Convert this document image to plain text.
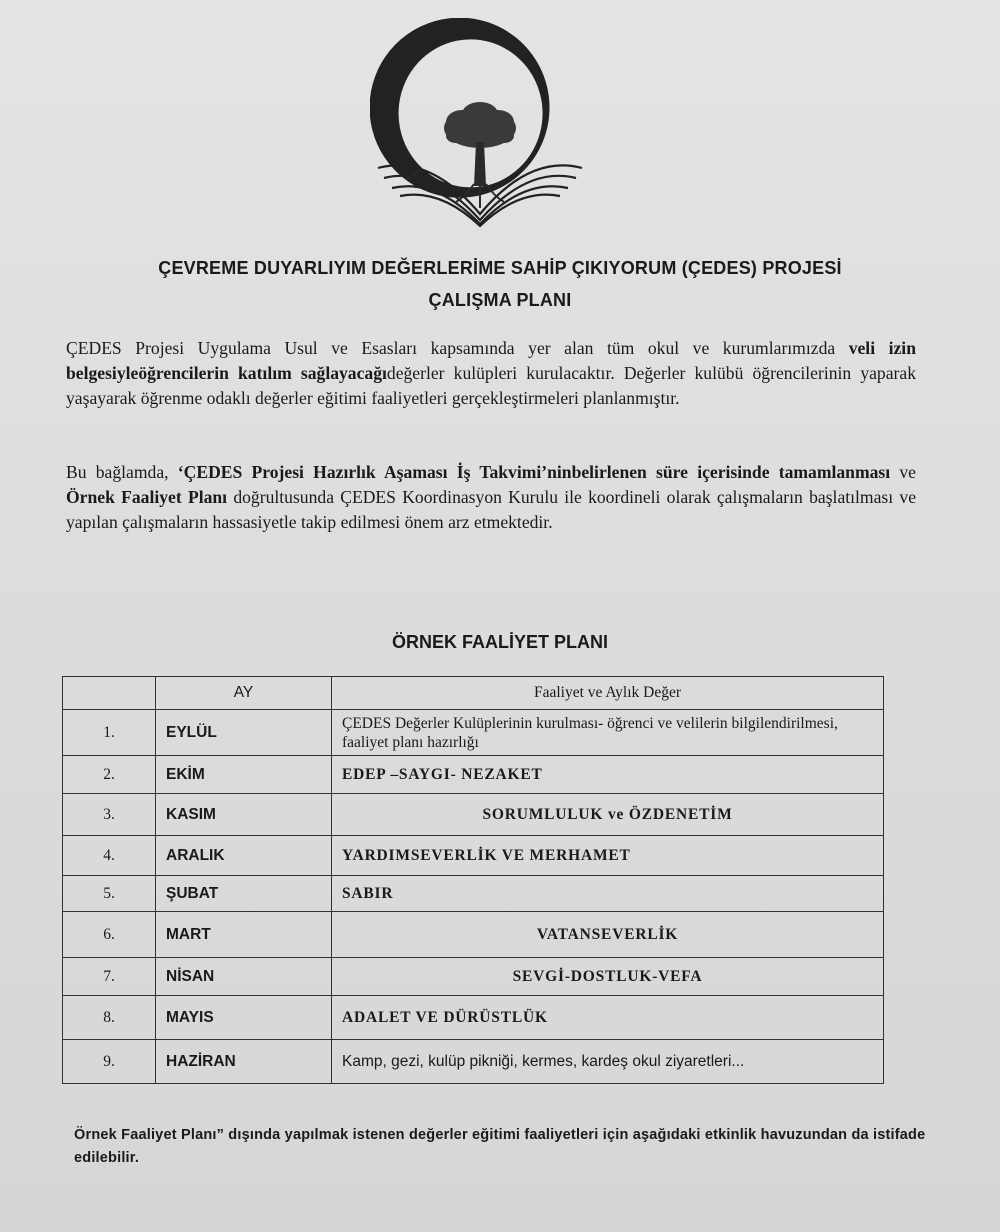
ÇEVREME DUYARLIYIM DEĞERLERİME SAHİP ÇIKIYORUM (ÇEDES) PROJESİ
ÇALIŞMA PLANI
ÇEDES Projesi Uygulama Usul ve Esasları kapsamında yer alan tüm okul ve kurumlarımızda veli izin belgesiyleöğrencilerin katılım sağlayacağıdeğerler kulüpleri kurulacaktır. Değerler kulübü öğrencilerinin yaparak yaşayarak öğrenme odaklı değerler eğitimi faaliyetleri gerçekleştirmeleri planlanmıştır.
Bu bağlamda, ‘ÇEDES Projesi Hazırlık Aşaması İş Takvimi’ninbelirlenen süre içerisinde tamamlanması ve Örnek Faaliyet Planı doğrultusunda ÇEDES Koordinasyon Kurulu ile koordineli olarak çalışmaların başlatılması ve yapılan çalışmaların hassasiyetle takip edilmesi önem arz etmektedir.
ÖRNEK FAALİYET PLANI
	AY	Faaliyet ve Aylık Değer
1.	EYLÜL	ÇEDES Değerler Kulüplerinin kurulması- öğrenci ve velilerin bilgilendirilmesi, faaliyet planı hazırlığı
2.	EKİM	EDEP –SAYGI- NEZAKET
3.	KASIM	SORUMLULUK ve ÖZDENETİM
4.	ARALIK	YARDIMSEVERLİK VE MERHAMET
5.	ŞUBAT	SABIR
6.	MART	VATANSEVERLİK
7.	NİSAN	SEVGİ-DOSTLUK-VEFA
8.	MAYIS	ADALET VE DÜRÜSTLÜK
9.	HAZİRAN	Kamp, gezi, kulüp pikniği, kermes, kardeş okul ziyaretleri...
Örnek Faaliyet Planı” dışında yapılmak istenen değerler eğitimi faaliyetleri için aşağıdaki etkinlik havuzundan da istifade edilebilir.
